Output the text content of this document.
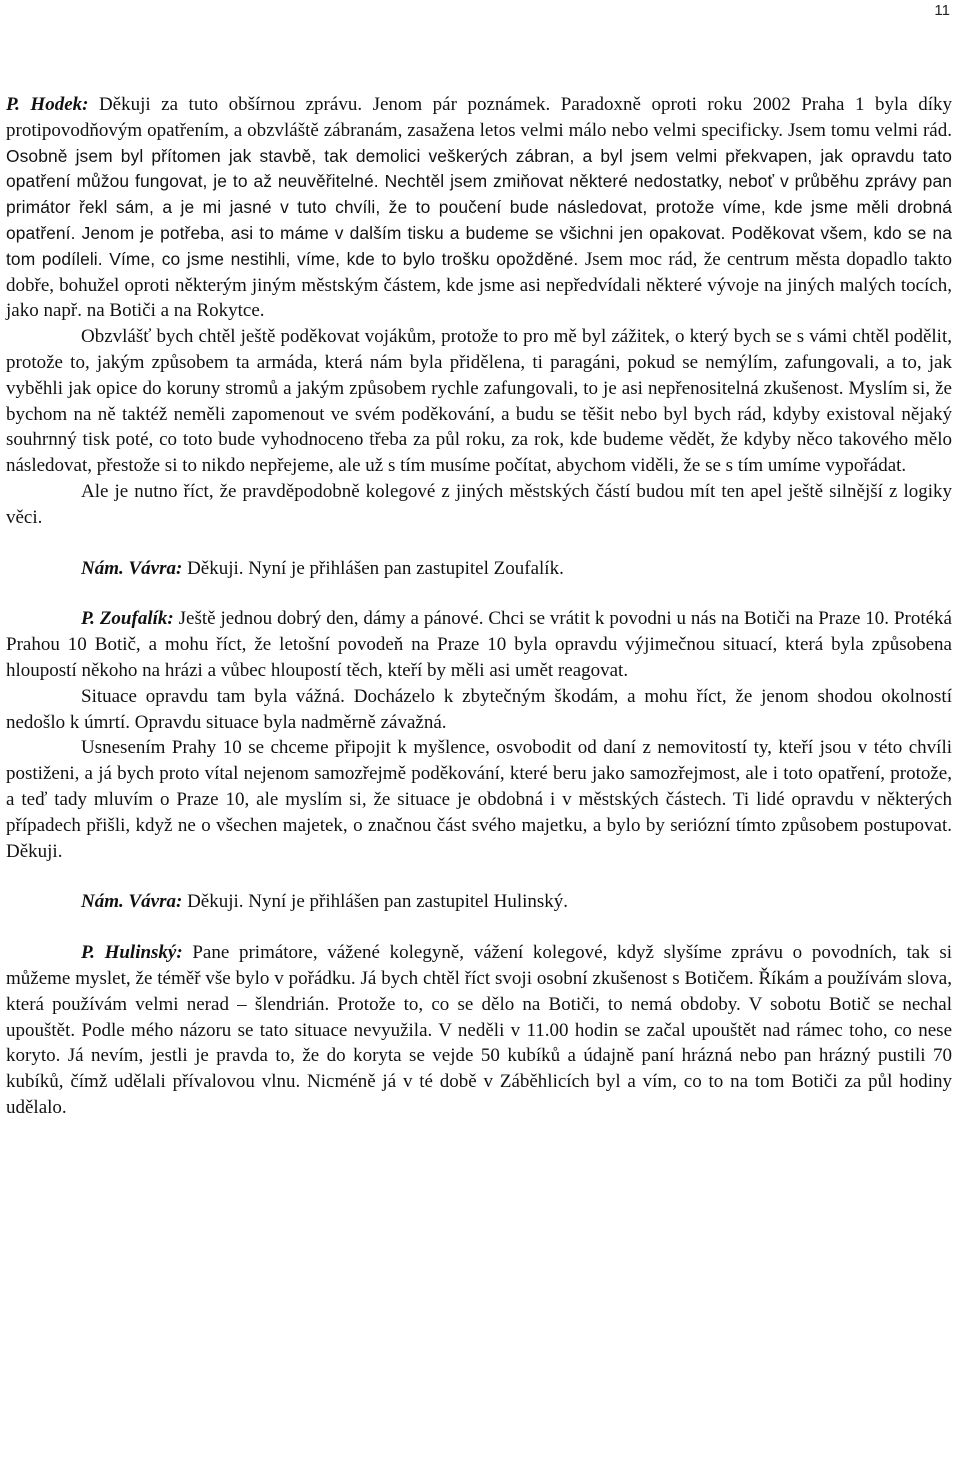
11

P. Hodek: Děkuji za tuto obšírnou zprávu. Jenom pár poznámek. Paradoxně oproti roku 2002 Praha 1 byla díky protipovodňovým opatřením, a obzvláště zábranám, zasažena letos velmi málo nebo velmi specificky. Jsem tomu velmi rád. Osobně jsem byl přítomen jak stavbě, tak demolici veškerých zábran, a byl jsem velmi překvapen, jak opravdu tato opatření můžou fungovat, je to až neuvěřitelné. Nechtěl jsem zmiňovat některé nedostatky, neboť v průběhu zprávy pan primátor řekl sám, a je mi jasné v tuto chvíli, že to poučení bude následovat, protože víme, kde jsme měli drobná opatření. Jenom je potřeba, asi to máme v dalším tisku a budeme se všichni jen opakovat. Poděkovat všem, kdo se na tom podíleli. Víme, co jsme nestihli, víme, kde to bylo trošku opožděné. Jsem moc rád, že centrum města dopadlo takto dobře, bohužel oproti některým jiným městským částem, kde jsme asi nepředvídali některé vývoje na jiných malých tocích, jako např. na Botiči a na Rokytce.

Obzvlášť bych chtěl ještě poděkovat vojákům, protože to pro mě byl zážitek, o který bych se s vámi chtěl podělit, protože to, jakým způsobem ta armáda, která nám byla přidělena, ti paragáni, pokud se nemýlím, zafungovali, a to, jak vyběhli jak opice do koruny stromů a jakým způsobem rychle zafungovali, to je asi nepřenositelná zkušenost. Myslím si, že bychom na ně taktéž neměli zapomenout ve svém poděkování, a budu se těšit nebo byl bych rád, kdyby existoval nějaký souhrnný tisk poté, co toto bude vyhodnoceno třeba za půl roku, za rok, kde budeme vědět, že kdyby něco takového mělo následovat, přestože si to nikdo nepřejeme, ale už s tím musíme počítat, abychom viděli, že se s tím umíme vypořádat.

Ale je nutno říct, že pravděpodobně kolegové z jiných městských částí budou mít ten apel ještě silnější z logiky věci.

Nám. Vávra: Děkuji. Nyní je přihlášen pan zastupitel Zoufalík.

P. Zoufalík: Ještě jednou dobrý den, dámy a pánové. Chci se vrátit k povodni u nás na Botiči na Praze 10. Protéká Prahou 10 Botič, a mohu říct, že letošní povodeň na Praze 10 byla opravdu výjimečnou situací, která byla způsobena hloupostí někoho na hrázi a vůbec hloupostí těch, kteří by měli asi umět reagovat.

Situace opravdu tam byla vážná. Docházelo k zbytečným škodám, a mohu říct, že jenom shodou okolností nedošlo k úmrtí. Opravdu situace byla nadměrně závažná.

Usnesením Prahy 10 se chceme připojit k myšlence, osvobodit od daní z nemovitostí ty, kteří jsou v této chvíli postiženi, a já bych proto vítal nejenom samozřejmě poděkování, které beru jako samozřejmost, ale i toto opatření, protože, a teď tady mluvím o Praze 10, ale myslím si, že situace je obdobná i v městských částech. Ti lidé opravdu v některých případech přišli, když ne o všechen majetek, o značnou část svého majetku, a bylo by seriózní tímto způsobem postupovat. Děkuji.

Nám. Vávra: Děkuji. Nyní je přihlášen pan zastupitel Hulinský.

P. Hulinský: Pane primátore, vážené kolegyně, vážení kolegové, když slyšíme zprávu o povodních, tak si můžeme myslet, že téměř vše bylo v pořádku. Já bych chtěl říct svoji osobní zkušenost s Botičem. Říkám a používám slova, která používám velmi nerad – šlendrián. Protože to, co se dělo na Botiči, to nemá obdoby. V sobotu Botič se nechal upouštět. Podle mého názoru se tato situace nevyužila. V neděli v 11.00 hodin se začal upouštět nad rámec toho, co nese koryto. Já nevím, jestli je pravda to, že do koryta se vejde 50 kubíků a údajně paní hrázná nebo pan hrázný pustili 70 kubíků, čímž udělali přívalovou vlnu. Nicméně já v té době v Záběhlicích byl a vím, co to na tom Botiči za půl hodiny udělalo.
